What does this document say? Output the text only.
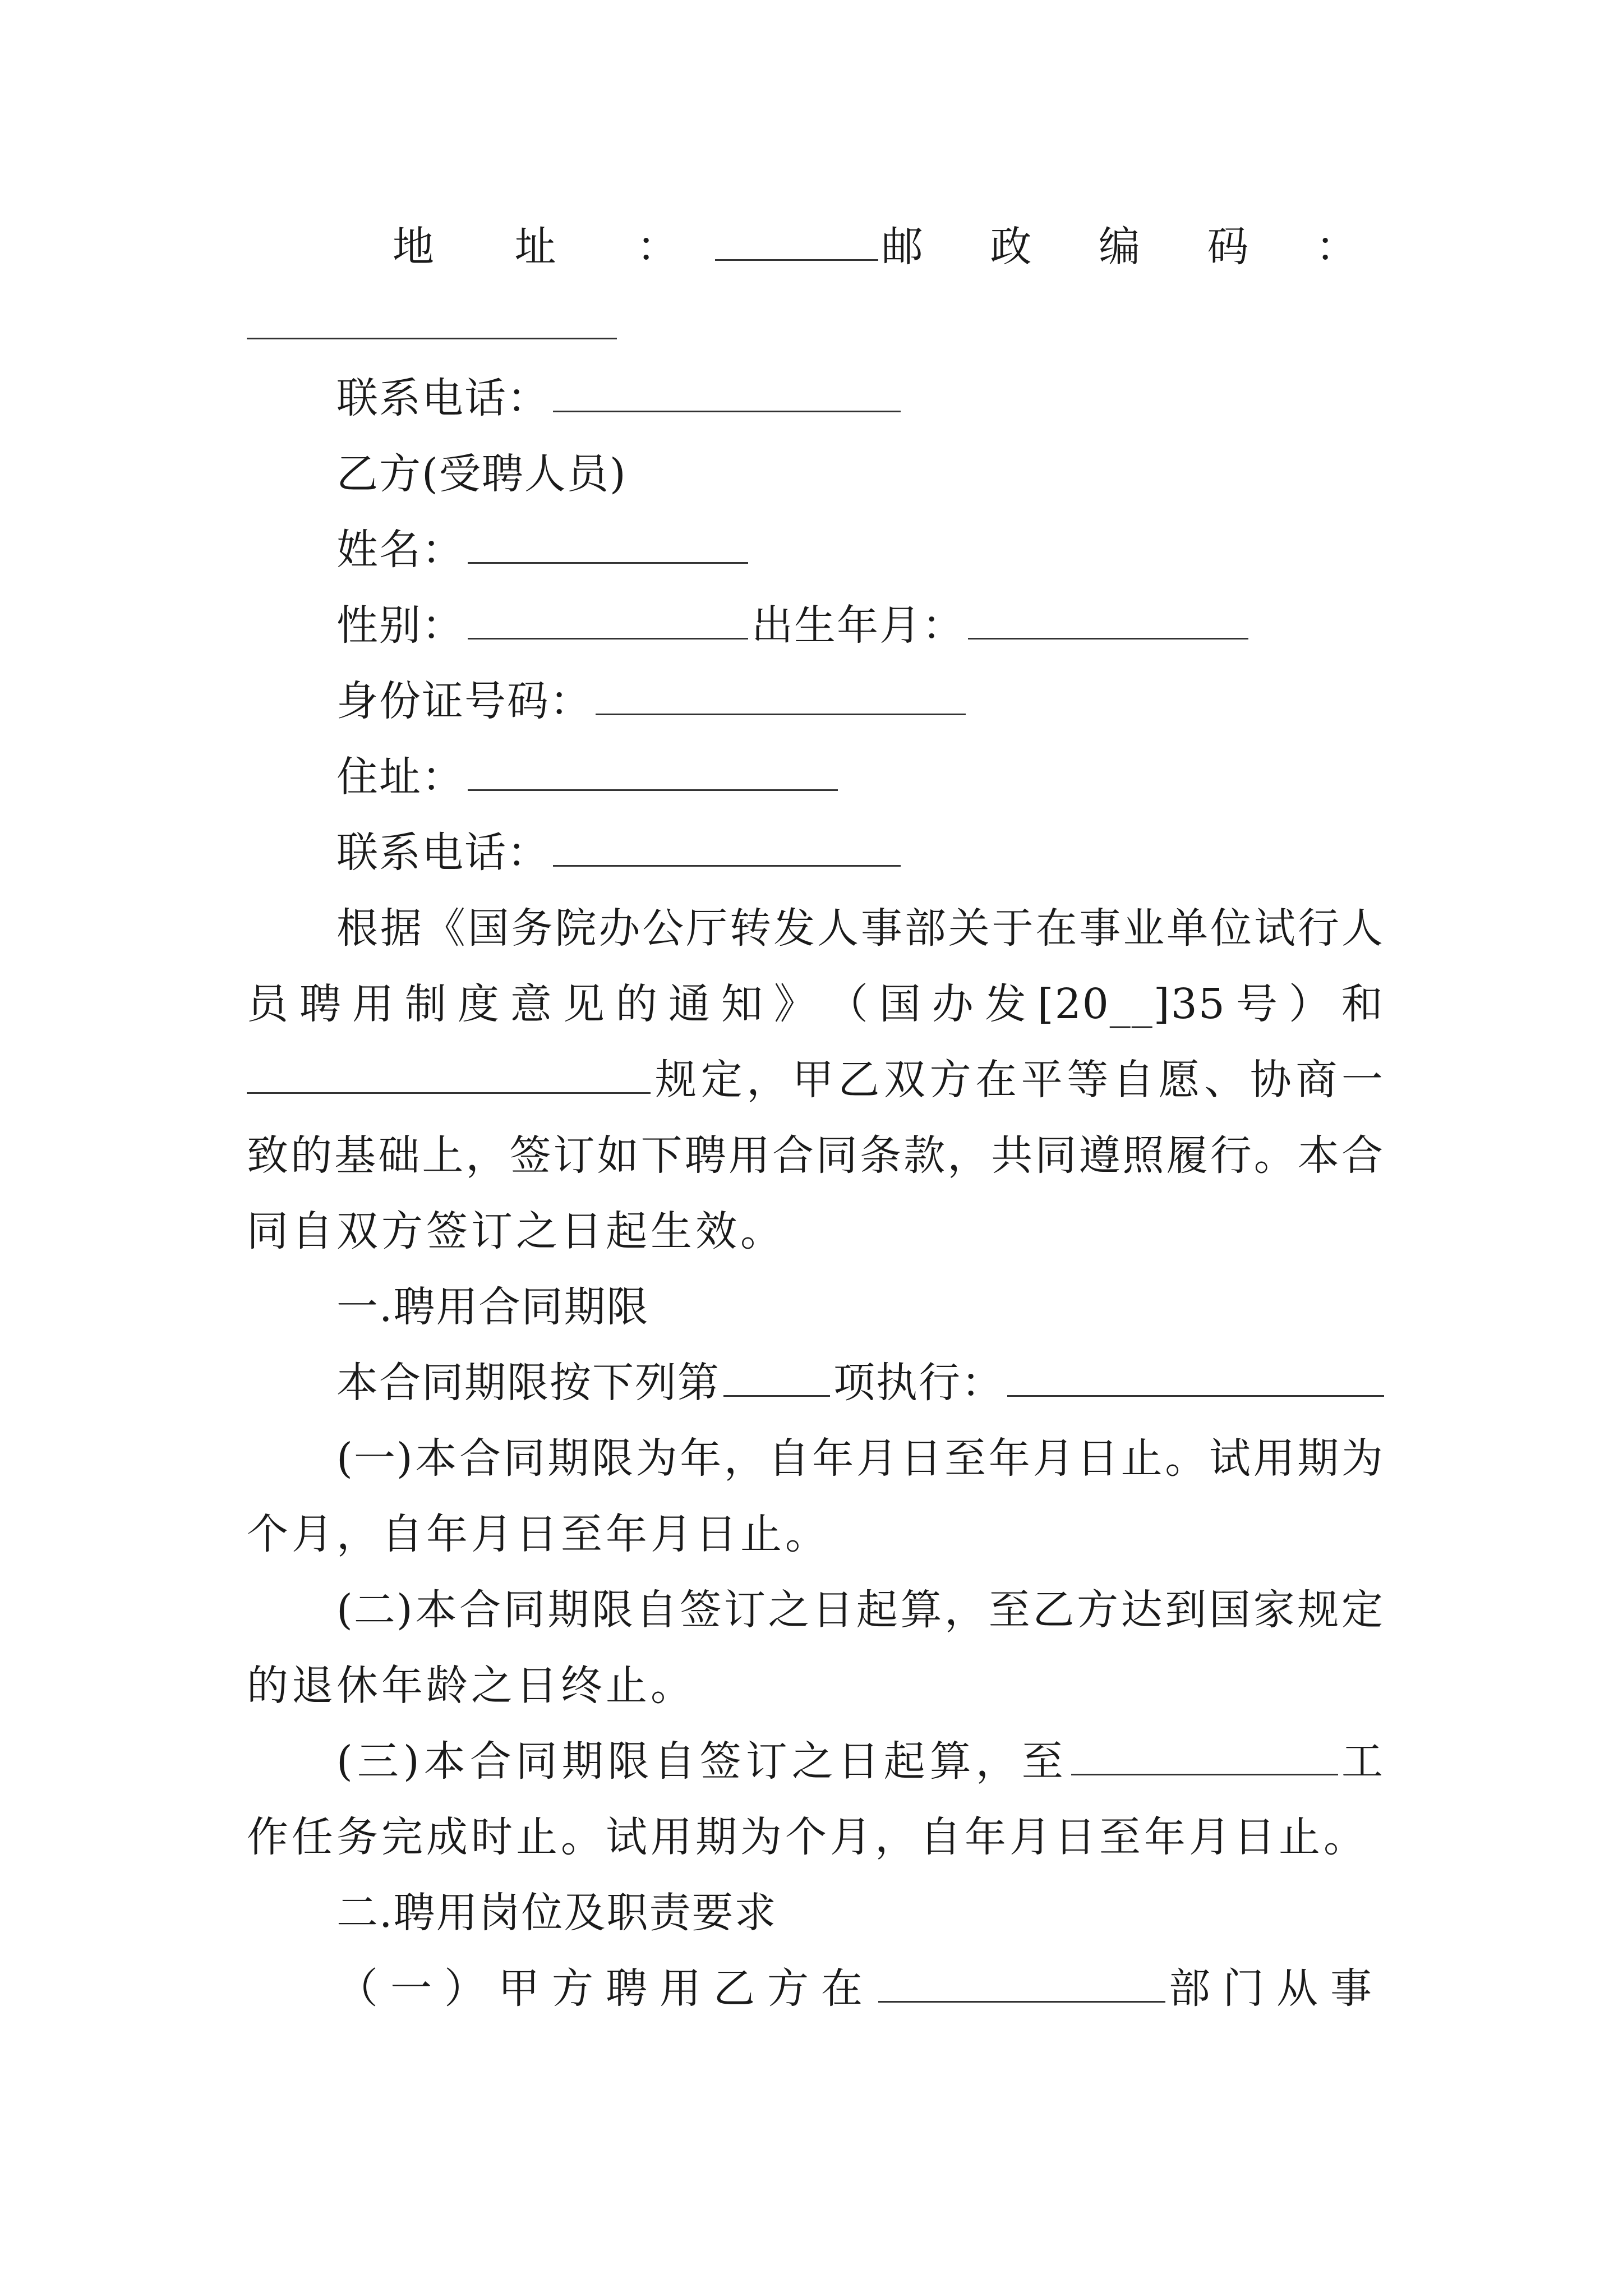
地 址 ：	邮 政 编 码 ：
联系电话：
乙方(受聘人员)
姓名：
性别：	出生年月：
身份证号码：
住址：
联系电话：
根 据 《 国 务 院 办 公 厅 转 发 人 事 部 关 于 在 事 业 单 位 试 行 人
员 聘 用 制 度 意 见 的 通 知 》 （ 国 办 发 [20__]35 号 ） 和
规 定 ， 甲 乙 双 方 在 平 等 自 愿 、 协 商 一
致 的 基 础 上 ， 签 订 如 下 聘 用 合 同 条 款 ， 共 同 遵 照 履 行 。 本 合
同自双方签订之日起生效。
一.聘用合同期限
本合同期限按下列第	项执行：
(一) 本 合 同 期 限 为 年 ， 自 年 月 日 至 年 月 日 止 。 试 用 期 为
个月，自年月日至年月日止。
(二) 本 合 同 期 限 自 签 订 之 日 起 算 ， 至 乙 方 达 到 国 家 规 定
的退休年龄之日终止。
(三)本合同期限自签订之日起算，至	工
作任务完成时止。试用期为个月，自年月日至年月日止。
二.聘用岗位及职责要求
（一）甲方聘用乙方在	部门从事
